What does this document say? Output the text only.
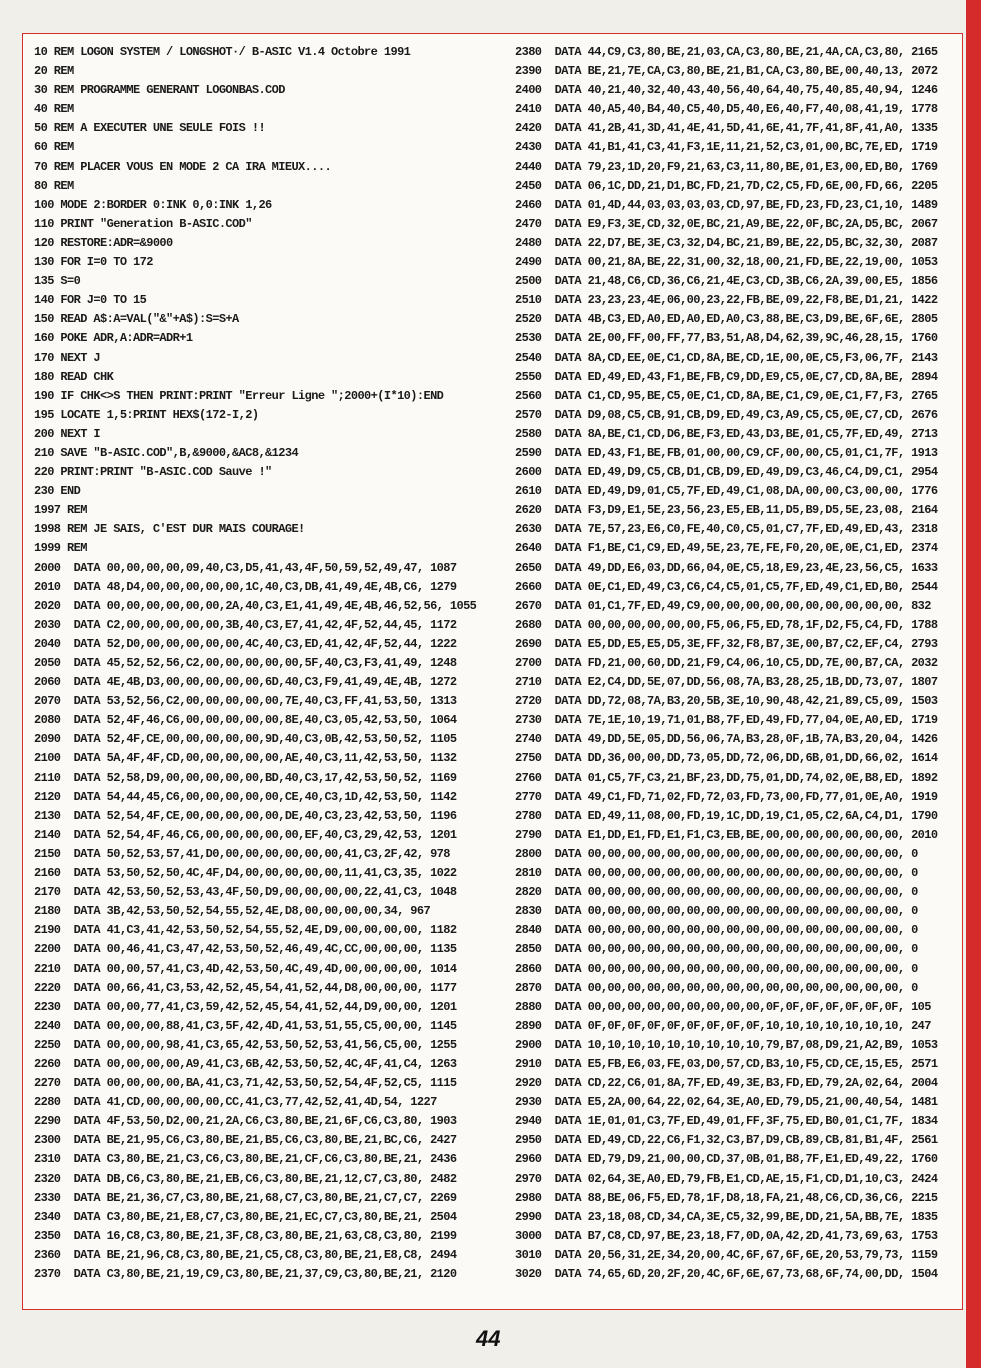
10 REM LOGON SYSTEM / LONGSHOT·/ B-ASIC V1.4 Octobre 1991
20 REM
30 REM PROGRAMME GENERANT LOGONBAS.COD
40 REM
50 REM A EXECUTER UNE SEULE FOIS !!
60 REM
70 REM PLACER VOUS EN MODE 2 CA IRA MIEUX....
80 REM
100 MODE 2:BORDER 0:INK 0,0:INK 1,26
110 PRINT "Generation B-ASIC.COD"
120 RESTORE:ADR=&9000
130 FOR I=0 TO 172
135 S=0
140 FOR J=0 TO 15
150 READ A$:A=VAL("&"+A$):S=S+A
160 POKE ADR,A:ADR=ADR+1
170 NEXT J
180 READ CHK
190 IF CHK<>S THEN PRINT:PRINT "Erreur Ligne ";2000+(I*10):END
195 LOCATE 1,5:PRINT HEX$(172-I,2)
200 NEXT I
210 SAVE "B-ASIC.COD",B,&9000,&AC8,&1234
220 PRINT:PRINT "B-ASIC.COD Sauve !"
230 END
1997 REM
1998 REM JE SAIS, C'EST DUR MAIS COURAGE!
1999 REM
2000  DATA 00,00,00,00,09,40,C3,D5,41,43,4F,50,59,52,49,47, 1087
2010  DATA 48,D4,00,00,00,00,00,1C,40,C3,DB,41,49,4E,4B,C6, 1279
2020  DATA 00,00,00,00,00,00,2A,40,C3,E1,41,49,4E,4B,46,52,56, 1055
2030  DATA C2,00,00,00,00,00,3B,40,C3,E7,41,42,4F,52,44,45, 1172
2040  DATA 52,D0,00,00,00,00,00,4C,40,C3,ED,41,42,4F,52,44, 1222
2050  DATA 45,52,52,56,C2,00,00,00,00,00,5F,40,C3,F3,41,49, 1248
2060  DATA 4E,4B,D3,00,00,00,00,00,6D,40,C3,F9,41,49,4E,4B, 1272
2070  DATA 53,52,56,C2,00,00,00,00,00,7E,40,C3,FF,41,53,50, 1313
2080  DATA 52,4F,46,C6,00,00,00,00,00,8E,40,C3,05,42,53,50, 1064
2090  DATA 52,4F,CE,00,00,00,00,00,9D,40,C3,0B,42,53,50,52, 1105
2100  DATA 5A,4F,4F,CD,00,00,00,00,00,AE,40,C3,11,42,53,50, 1132
2110  DATA 52,58,D9,00,00,00,00,00,BD,40,C3,17,42,53,50,52, 1169
2120  DATA 54,44,45,C6,00,00,00,00,00,CE,40,C3,1D,42,53,50, 1142
2130  DATA 52,54,4F,CE,00,00,00,00,00,DE,40,C3,23,42,53,50, 1196
2140  DATA 52,54,4F,46,C6,00,00,00,00,00,EF,40,C3,29,42,53, 1201
2150  DATA 50,52,53,57,41,D0,00,00,00,00,00,00,41,C3,2F,42, 978
2160  DATA 53,50,52,50,4C,4F,D4,00,00,00,00,00,11,41,C3,35, 1022
2170  DATA 42,53,50,52,53,43,4F,50,D9,00,00,00,00,22,41,C3, 1048
2180  DATA 3B,42,53,50,52,54,55,52,4E,D8,00,00,00,00,34, 967
2190  DATA 41,C3,41,42,53,50,52,54,55,52,4E,D9,00,00,00,00, 1182
2200  DATA 00,46,41,C3,47,42,53,50,52,46,49,4C,CC,00,00,00, 1135
2210  DATA 00,00,57,41,C3,4D,42,53,50,4C,49,4D,00,00,00,00, 1014
2220  DATA 00,66,41,C3,53,42,52,45,54,41,52,44,D8,00,00,00, 1177
2230  DATA 00,00,77,41,C3,59,42,52,45,54,41,52,44,D9,00,00, 1201
2240  DATA 00,00,00,88,41,C3,5F,42,4D,41,53,51,55,C5,00,00, 1145
2250  DATA 00,00,00,98,41,C3,65,42,53,50,52,53,41,56,C5,00, 1255
2260  DATA 00,00,00,00,A9,41,C3,6B,42,53,50,52,4C,4F,41,C4, 1263
2270  DATA 00,00,00,00,BA,41,C3,71,42,53,50,52,54,4F,52,C5, 1115
2280  DATA 41,CD,00,00,00,00,CC,41,C3,77,42,52,41,4D,54, 1227
2290  DATA 4F,53,50,D2,00,21,2A,C6,C3,80,BE,21,6F,C6,C3,80, 1903
2300  DATA BE,21,95,C6,C3,80,BE,21,B5,C6,C3,80,BE,21,BC,C6, 2427
2310  DATA C3,80,BE,21,C3,C6,C3,80,BE,21,CF,C6,C3,80,BE,21, 2436
2320  DATA DB,C6,C3,80,BE,21,EB,C6,C3,80,BE,21,12,C7,C3,80, 2482
2330  DATA BE,21,36,C7,C3,80,BE,21,68,C7,C3,80,BE,21,C7,C7, 2269
2340  DATA C3,80,BE,21,E8,C7,C3,80,BE,21,EC,C7,C3,80,BE,21, 2504
2350  DATA 16,C8,C3,80,BE,21,3F,C8,C3,80,BE,21,63,C8,C3,80, 2199
2360  DATA BE,21,96,C8,C3,80,BE,21,C5,C8,C3,80,BE,21,E8,C8, 2494
2370  DATA C3,80,BE,21,19,C9,C3,80,BE,21,37,C9,C3,80,BE,21, 2120
2380  DATA 44,C9,C3,80,BE,21,03,CA,C3,80,BE,21,4A,CA,C3,80, 2165
2390  DATA BE,21,7E,CA,C3,80,BE,21,B1,CA,C3,80,BE,00,40,13, 2072
2400  DATA 40,21,40,32,40,43,40,56,40,64,40,75,40,85,40,94, 1246
2410  DATA 40,A5,40,B4,40,C5,40,D5,40,E6,40,F7,40,08,41,19, 1778
2420  DATA 41,2B,41,3D,41,4E,41,5D,41,6E,41,7F,41,8F,41,A0, 1335
2430  DATA 41,B1,41,C3,41,F3,1E,11,21,52,C3,01,00,BC,7E,ED, 1719
2440  DATA 79,23,1D,20,F9,21,63,C3,11,80,BE,01,E3,00,ED,B0, 1769
2450  DATA 06,1C,DD,21,D1,BC,FD,21,7D,C2,C5,FD,6E,00,FD,66, 2205
2460  DATA 01,4D,44,03,03,03,03,CD,97,BE,FD,23,FD,23,C1,10, 1489
2470  DATA E9,F3,3E,CD,32,0E,BC,21,A9,BE,22,0F,BC,2A,D5,BC, 2067
2480  DATA 22,D7,BE,3E,C3,32,D4,BC,21,B9,BE,22,D5,BC,32,30, 2087
2490  DATA 00,21,8A,BE,22,31,00,32,18,00,21,FD,BE,22,19,00, 1053
2500  DATA 21,48,C6,CD,36,C6,21,4E,C3,CD,3B,C6,2A,39,00,E5, 1856
2510  DATA 23,23,23,4E,06,00,23,22,FB,BE,09,22,F8,BE,D1,21, 1422
2520  DATA 4B,C3,ED,A0,ED,A0,ED,A0,C3,88,BE,C3,D9,BE,6F,6E, 2805
2530  DATA 2E,00,FF,00,FF,77,B3,51,A8,D4,62,39,9C,46,28,15, 1760
2540  DATA 8A,CD,EE,0E,C1,CD,8A,BE,CD,1E,00,0E,C5,F3,06,7F, 2143
2550  DATA ED,49,ED,43,F1,BE,FB,C9,DD,E9,C5,0E,C7,CD,8A,BE, 2894
2560  DATA C1,CD,95,BE,C5,0E,C1,CD,8A,BE,C1,C9,0E,C1,F7,F3, 2765
2570  DATA D9,08,C5,CB,91,CB,D9,ED,49,C3,A9,C5,C5,0E,C7,CD, 2676
2580  DATA 8A,BE,C1,CD,D6,BE,F3,ED,43,D3,BE,01,C5,7F,ED,49, 2713
2590  DATA ED,43,F1,BE,FB,01,00,00,C9,CF,00,00,C5,01,C1,7F, 1913
2600  DATA ED,49,D9,C5,CB,D1,CB,D9,ED,49,D9,C3,46,C4,D9,C1, 2954
2610  DATA ED,49,D9,01,C5,7F,ED,49,C1,08,DA,00,00,C3,00,00, 1776
2620  DATA F3,D9,E1,5E,23,56,23,E5,EB,11,D5,B9,D5,5E,23,08, 2164
2630  DATA 7E,57,23,E6,C0,FE,40,C0,C5,01,C7,7F,ED,49,ED,43, 2318
2640  DATA F1,BE,C1,C9,ED,49,5E,23,7E,FE,F0,20,0E,0E,C1,ED, 2374
2650  DATA 49,DD,E6,03,DD,66,04,0E,C5,18,E9,23,4E,23,56,C5, 1633
2660  DATA 0E,C1,ED,49,C3,C6,C4,C5,01,C5,7F,ED,49,C1,ED,B0, 2544
2670  DATA 01,C1,7F,ED,49,C9,00,00,00,00,00,00,00,00,00,00, 832
2680  DATA 00,00,00,00,00,00,F5,06,F5,ED,78,1F,D2,F5,C4,FD, 1788
2690  DATA E5,DD,E5,E5,D5,3E,FF,32,F8,B7,3E,00,B7,C2,EF,C4, 2793
2700  DATA FD,21,00,60,DD,21,F9,C4,06,10,C5,DD,7E,00,B7,CA, 2032
2710  DATA E2,C4,DD,5E,07,DD,56,08,7A,B3,28,25,1B,DD,73,07, 1807
2720  DATA DD,72,08,7A,B3,20,5B,3E,10,90,48,42,21,89,C5,09, 1503
2730  DATA 7E,1E,10,19,71,01,B8,7F,ED,49,FD,77,04,0E,A0,ED, 1719
2740  DATA 49,DD,5E,05,DD,56,06,7A,B3,28,0F,1B,7A,B3,20,04, 1426
2750  DATA DD,36,00,00,DD,73,05,DD,72,06,DD,6B,01,DD,66,02, 1614
2760  DATA 01,C5,7F,C3,21,BF,23,DD,75,01,DD,74,02,0E,B8,ED, 1892
2770  DATA 49,C1,FD,71,02,FD,72,03,FD,73,00,FD,77,01,0E,A0, 1919
2780  DATA ED,49,11,08,00,FD,19,1C,DD,19,C1,05,C2,6A,C4,D1, 1790
2790  DATA E1,DD,E1,FD,E1,F1,C3,EB,BE,00,00,00,00,00,00,00, 2010
2800  DATA 00,00,00,00,00,00,00,00,00,00,00,00,00,00,00,00, 0
2810  DATA 00,00,00,00,00,00,00,00,00,00,00,00,00,00,00,00, 0
2820  DATA 00,00,00,00,00,00,00,00,00,00,00,00,00,00,00,00, 0
2830  DATA 00,00,00,00,00,00,00,00,00,00,00,00,00,00,00,00, 0
2840  DATA 00,00,00,00,00,00,00,00,00,00,00,00,00,00,00,00, 0
2850  DATA 00,00,00,00,00,00,00,00,00,00,00,00,00,00,00,00, 0
2860  DATA 00,00,00,00,00,00,00,00,00,00,00,00,00,00,00,00, 0
2870  DATA 00,00,00,00,00,00,00,00,00,00,00,00,00,00,00,00, 0
2880  DATA 00,00,00,00,00,00,00,00,00,0F,0F,0F,0F,0F,0F,0F, 105
2890  DATA 0F,0F,0F,0F,0F,0F,0F,0F,0F,10,10,10,10,10,10,10, 247
2900  DATA 10,10,10,10,10,10,10,10,10,79,B7,08,D9,21,A2,B9, 1053
2910  DATA E5,FB,E6,03,FE,03,D0,57,CD,B3,10,F5,CD,CE,15,E5, 2571
2920  DATA CD,22,C6,01,8A,7F,ED,49,3E,B3,FD,ED,79,2A,02,64, 2004
2930  DATA E5,2A,00,64,22,02,64,3E,A0,ED,79,D5,21,00,40,54, 1481
2940  DATA 1E,01,01,C3,7F,ED,49,01,FF,3F,75,ED,B0,01,C1,7F, 1834
2950  DATA ED,49,CD,22,C6,F1,32,C3,B7,D9,CB,89,CB,81,B1,4F, 2561
2960  DATA ED,79,D9,21,00,00,CD,37,0B,01,B8,7F,E1,ED,49,22, 1760
2970  DATA 02,64,3E,A0,ED,79,FB,E1,CD,AE,15,F1,CD,D1,10,C3, 2424
2980  DATA 88,BE,06,F5,ED,78,1F,D8,18,FA,21,48,C6,CD,36,C6, 2215
2990  DATA 23,18,08,CD,34,CA,3E,C5,32,99,BE,DD,21,5A,BB,7E, 1835
3000  DATA B7,C8,CD,97,BE,23,18,F7,0D,0A,42,2D,41,73,69,63, 1753
3010  DATA 20,56,31,2E,34,20,00,4C,6F,67,6F,6E,20,53,79,73, 1159
3020  DATA 74,65,6D,20,2F,20,4C,6F,6E,67,73,68,6F,74,00,DD, 1504
44
